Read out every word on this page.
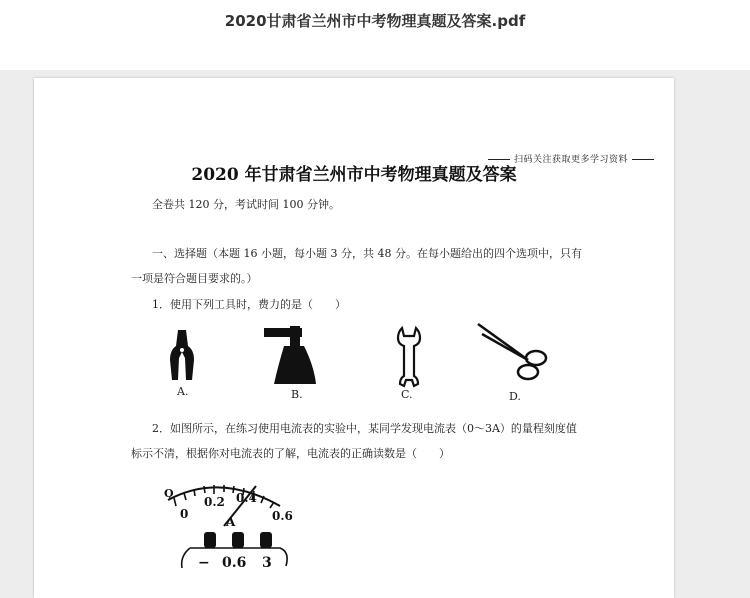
2020甘肃省兰州市中考物理真题及答案.pdf
扫码关注获取更多学习资料
2020 年甘肃省兰州市中考物理真题及答案
全卷共 120 分，考试时间 100 分钟。
一、选择题（本题 16 小题，每小题 3 分，共 48 分。在每小题给出的四个选项中，只有
一项是符合题目要求的。）
1．使用下列工具时，费力的是（　　）
A.	B.	C.	D.
2．如图所示，在练习使用电流表的实验中，某同学发现电流表（0～3A）的量程刻度值
标示不清，根据你对电流表的了解，电流表的正确读数是（　　）
Q
0
0.2 0.4
0.6
A
− 0.6 3
